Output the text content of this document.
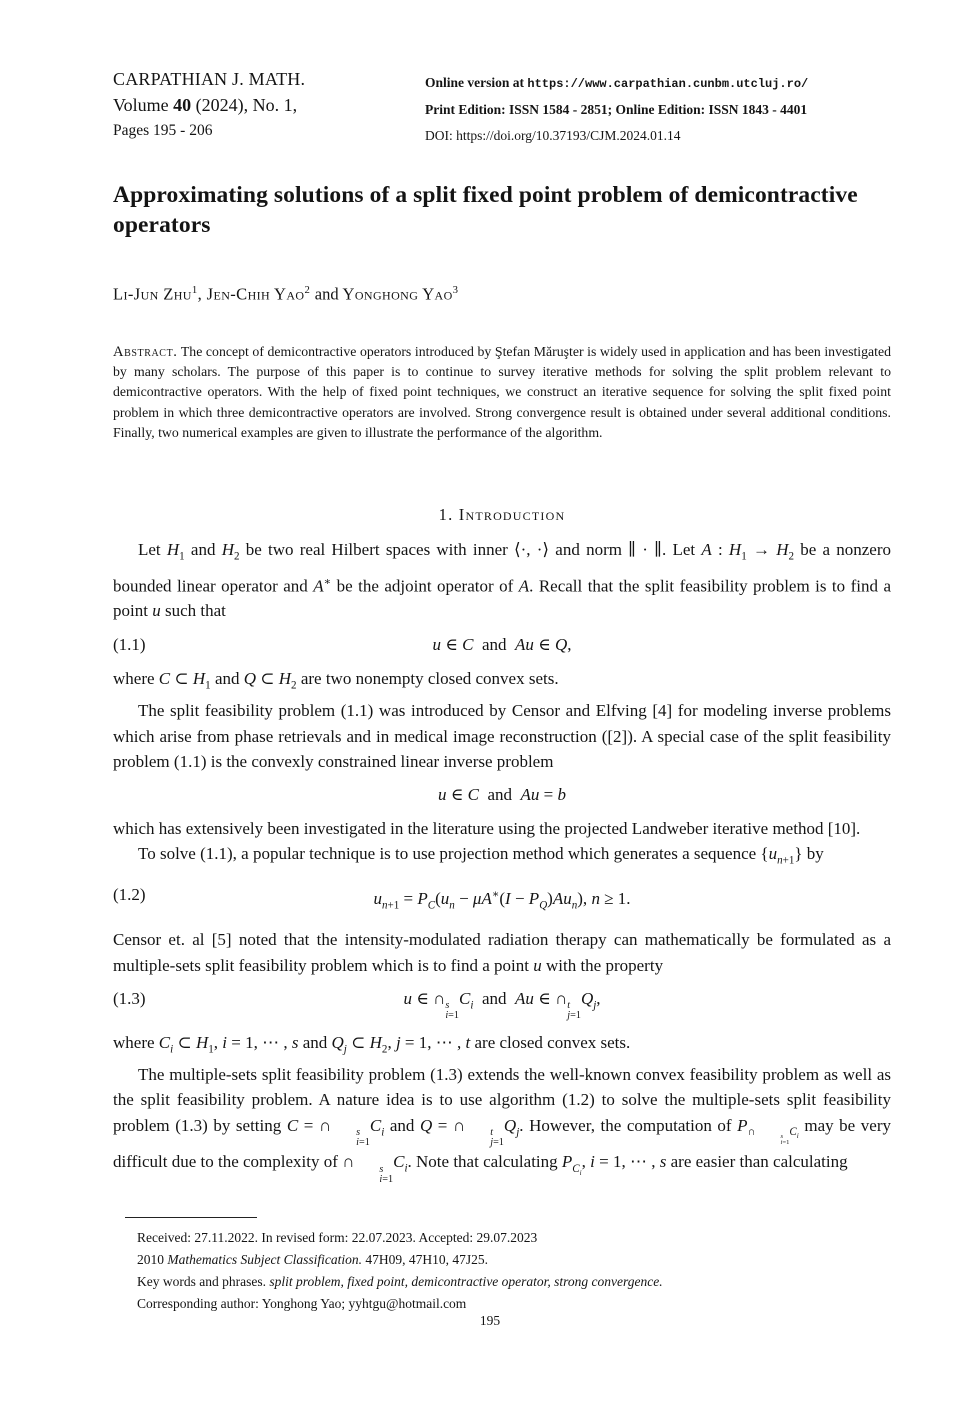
CARPATHIAN J. MATH.
Volume 40 (2024), No. 1,
Pages 195 - 206
Online version at https://www.carpathian.cunbm.utcluj.ro/
Print Edition: ISSN 1584 - 2851; Online Edition: ISSN 1843 - 4401
DOI: https://doi.org/10.37193/CJM.2024.01.14
Approximating solutions of a split fixed point problem of demicontractive operators
Li-Jun Zhu$^1$, Jen-Chih Yao$^2$ and Yonghong Yao$^3$
Abstract. The concept of demicontractive operators introduced by Ştefan Măruşter is widely used in application and has been investigated by many scholars. The purpose of this paper is to continue to survey iterative methods for solving the split problem relevant to demicontractive operators. With the help of fixed point techniques, we construct an iterative sequence for solving the split fixed point problem in which three demicontractive operators are involved. Strong convergence result is obtained under several additional conditions. Finally, two numerical examples are given to illustrate the performance of the algorithm.
1. Introduction

Let $H_1$ and $H_2$ be two real Hilbert spaces with inner ⟨·, ·⟩ and norm ∥ · ∥. Let A : $H_1 \to H_2$ be a nonzero bounded linear operator and A∗ be the adjoint operator of A. Recall that the split feasibility problem is to find a point u such that

(1.1)	u ∈ C  and  Au ∈ Q,

where C ⊂ $H_1$ and Q ⊂ $H_2$ are two nonempty closed convex sets.

The split feasibility problem (1.1) was introduced by Censor and Elfving [4] for modeling inverse problems which arise from phase retrievals and in medical image reconstruction ([2]). A special case of the split feasibility problem (1.1) is the convexly constrained linear inverse problem

u ∈ C  and  Au = b

which has extensively been investigated in the literature using the projected Landweber iterative method [10].

To solve (1.1), a popular technique is to use projection method which generates a sequence $\{u_{n+1}\}$ by

(1.2)	$u_{n+1} = P_C(u_n - \mu A^∗(I - P_Q)Au_n)$, n ≥ 1.

Censor et. al [5] noted that the intensity-modulated radiation therapy can mathematically be formulated as a multiple-sets split feasibility problem which is to find a point u with the property

(1.3)	u ∈ ∩ s
i=1
$C_i$  and  Au ∈ ∩ t
j=1
$Q_j$,

where $C_i$ ⊂ $H_1$, i = 1, ⋯ , s and $Q_j$ ⊂ $H_2$, j = 1, ⋯ , t are closed convex sets.

The multiple-sets split feasibility problem (1.3) extends the well-known convex feasibility problem as well as the split feasibility problem. A nature idea is to use algorithm (1.2) to solve the multiple-sets split feasibility problem (1.3) by setting C = ∩	s
i=1
$C_i$ and Q = ∩	t
j=1
$Q_j$. However, the computation of $P_{\cap s i=1 C_i}$ may be very difficult due to the complexity of ∩	s
i=1
$C_i$. Note that calculating $P_{C_i}$, i = 1, ⋯ , s are easier than calculating

Received: 27.11.2022. In revised form: 22.07.2023. Accepted: 29.07.2023
2010 Mathematics Subject Classification. 47H09, 47H10, 47J25.
Key words and phrases. split problem, fixed point, demicontractive operator, strong convergence.
Corresponding author: Yonghong Yao; yyhtgu@hotmail.com
195
